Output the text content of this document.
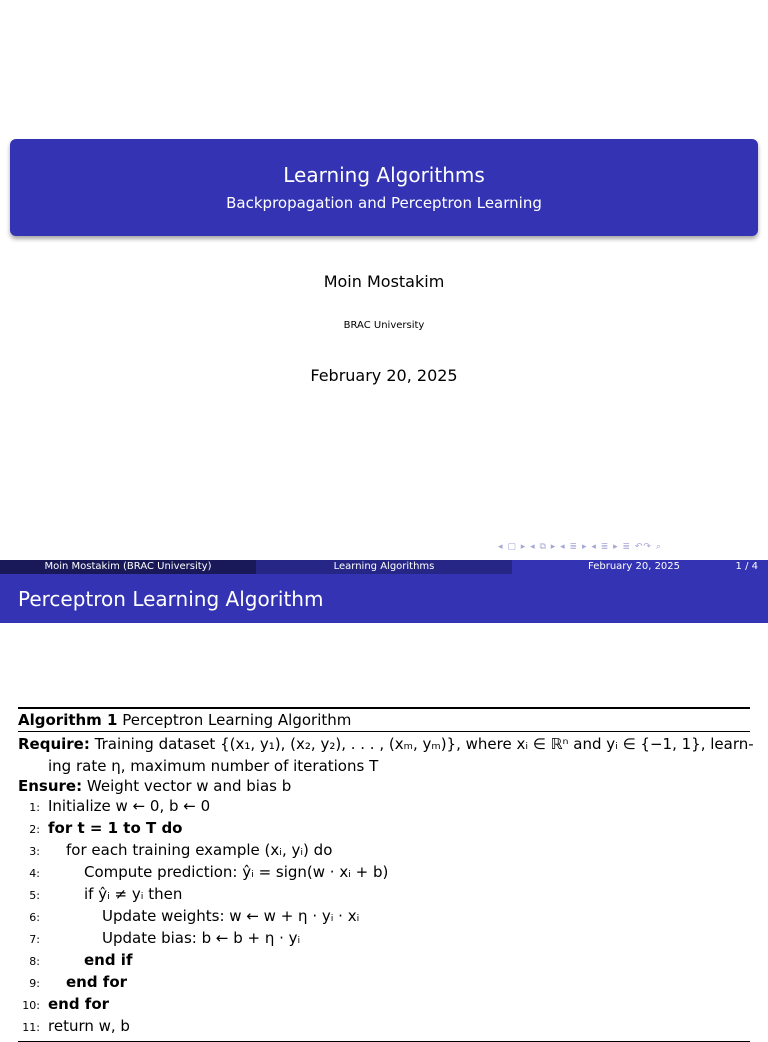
Learning Algorithms
Backpropagation and Perceptron Learning
Moin Mostakim
BRAC University
February 20, 2025
◂ ▢ ▸ ◂ ⧉ ▸ ◂ ≣ ▸ ◂ ≣ ▸ ≣ ↶↷ ⌕
Moin Mostakim (BRAC University)	Learning Algorithms	February 20, 2025	1 / 4
Perceptron Learning Algorithm
Algorithm 1 Perceptron Learning Algorithm
Require: Training dataset {(x₁, y₁), (x₂, y₂), . . . , (xₘ, yₘ)}, where xᵢ ∈ ℝⁿ and yᵢ ∈ {−1, 1}, learn-
ing rate η, maximum number of iterations T
Ensure: Weight vector w and bias b
1: Initialize w ← 0, b ← 0
2: for t = 1 to T do
3: for each training example (xᵢ, yᵢ) do
4:	Compute prediction: ŷᵢ = sign(w · xᵢ + b)
5:	if ŷᵢ ≠ yᵢ then
6:	Update weights: w ← w + η · yᵢ · xᵢ
7:	Update bias: b ← b + η · yᵢ
8:	end if
9: end for
10: end for
11: return w, b
